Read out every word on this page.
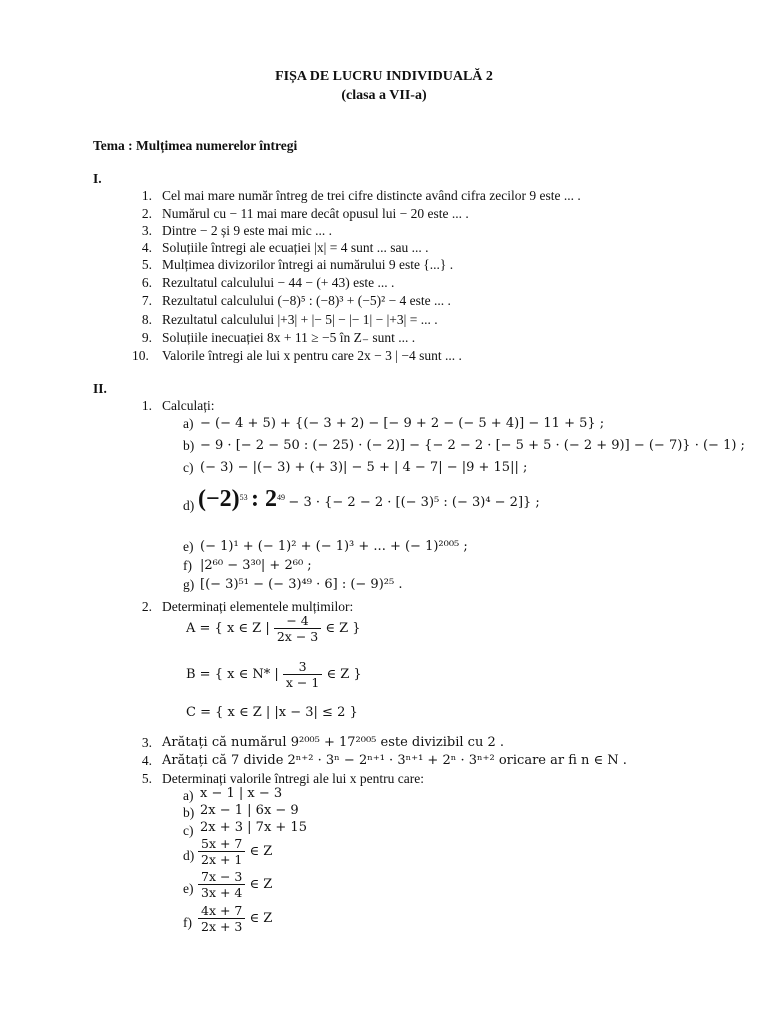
FIȘA DE LUCRU INDIVIDUALĂ 2
(clasa a VII-a)
Tema : Mulțimea numerelor întregi
I.
1. Cel mai mare număr întreg de trei cifre distincte având cifra zecilor 9 este ... .
2. Numărul cu − 11 mai mare decât opusul lui − 20 este ... .
3. Dintre − 2 și 9 este mai mic ... .
4. Soluțiile întregi ale ecuației |x| = 4 sunt ... sau ... .
5. Mulțimea divizorilor întregi ai numărului 9 este {...} .
6. Rezultatul calculului − 44 − (+ 43) este ... .
7. Rezultatul calculului (−8)⁵ : (−8)³ + (−5)² − 4 este ... .
8. Rezultatul calculului |+3| + |− 5| − |− 1| − |+3| = ... .
9. Soluțiile inecuației 8x + 11 ≥ −5 în Z₋ sunt ... .
10. Valorile întregi ale lui x pentru care 2x − 3 | −4 sunt ... .
II.
1. Calculați:
a) − (− 4 + 5) + {(− 3 + 2) − [− 9 + 2 − (− 5 + 4)] − 11 + 5} ;
b) − 9 · [− 2 − 50 : (− 25) · (− 2)] − {− 2 − 2 · [− 5 + 5 · (− 2 + 9)] − (− 7)} · (− 1) ;
c) (− 3) − |(− 3) + (+ 3)| − 5 + | 4 − 7| − |9 + 15|| ;
d) $(-2)^{53}$ : $2^{49} - 3$ · {− 2 − 2 · [(− 3)⁵ : (− 3)⁴ − 2]} ;
e) (− 1)¹ + (− 1)² + (− 1)³ + ... + (− 1)²⁰⁰⁵ ;
f) |2⁶⁰ − 3³⁰| + 2⁶⁰ ;
g) [(− 3)⁵¹ − (− 3)⁴⁹ · 6] : (− 9)²⁵ .
2. Determinați elementele mulțimilor:
A = { x ∈ Z | $\frac{- 4}{2x - 3}$ ∈ Z }
B = { x ∈ N* | $\frac{3}{x - 1}$ ∈ Z }
C = { x ∈ Z | |x − 3| ≤ 2 }
3. Arătați că numărul 9²⁰⁰⁵ + 17²⁰⁰⁵ este divizibil cu 2 .
4. Arătați că 7 divide 2ⁿ⁺² · 3ⁿ − 2ⁿ⁺¹ · 3ⁿ⁺¹ + 2ⁿ · 3ⁿ⁺² oricare ar fi n ∈ N .
5. Determinați valorile întregi ale lui x pentru care:
a) x − 1 | x − 3
b) 2x − 1 | 6x − 9
c) 2x + 3 | 7x + 15
$d) \frac{5x + 7}{2x + 1}$ ∈ Z
$e) \frac{7x - 3}{3x + 4}$ ∈ Z
$f) \frac{4x + 7}{2x + 3}$ ∈ Z
